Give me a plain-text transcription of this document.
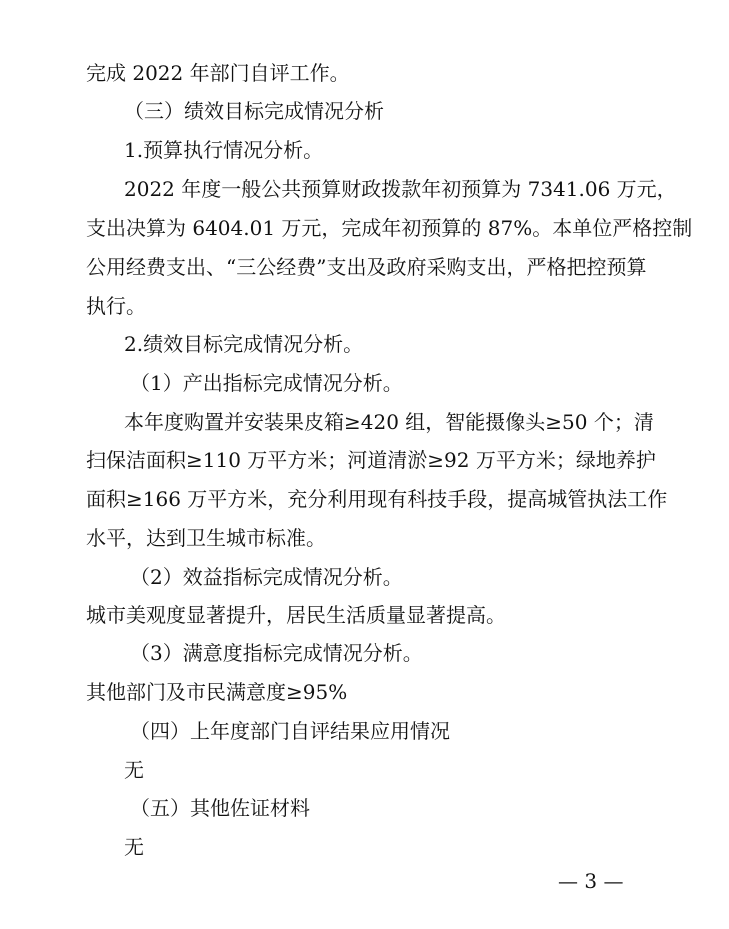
完成 2022 年部门自评工作。
（三）绩效目标完成情况分析
1.预算执行情况分析。
2022 年度一般公共预算财政拨款年初预算为 7341.06 万元，
支出决算为 6404.01 万元，完成年初预算的 87%。本单位严格控制
公用经费支出、“三公经费”支出及政府采购支出，严格把控预算
执行。
2.绩效目标完成情况分析。
（1）产出指标完成情况分析。
本年度购置并安装果皮箱≥420 组，智能摄像头≥50 个；清
扫保洁面积≥110 万平方米；河道清淤≥92 万平方米；绿地养护
面积≥166 万平方米，充分利用现有科技手段，提高城管执法工作
水平，达到卫生城市标准。
（2）效益指标完成情况分析。
城市美观度显著提升，居民生活质量显著提高。
（3）满意度指标完成情况分析。
其他部门及市民满意度≥95%
（四）上年度部门自评结果应用情况
无
（五）其他佐证材料
无
— 3 —
